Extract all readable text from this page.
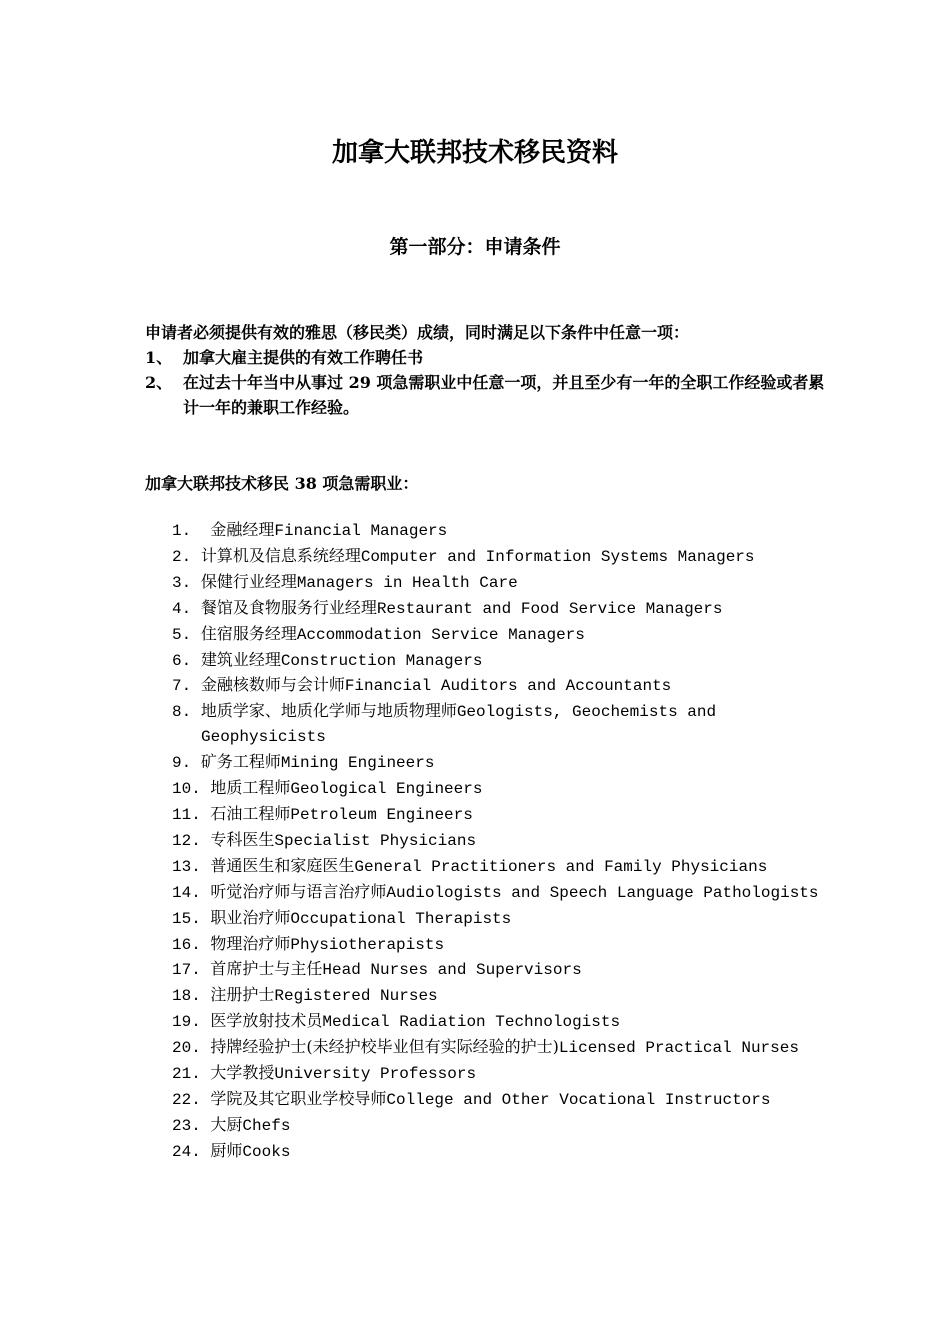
加拿大联邦技术移民资料
第一部分：申请条件
申请者必须提供有效的雅思（移民类）成绩，同时满足以下条件中任意一项：
1、 加拿大雇主提供的有效工作聘任书
2、 在过去十年当中从事过 29 项急需职业中任意一项，并且至少有一年的全职工作经验或者累计一年的兼职工作经验。
加拿大联邦技术移民 38 项急需职业：
1.  金融经理Financial Managers
2. 计算机及信息系统经理Computer and Information Systems Managers
3. 保健行业经理Managers in Health Care
4. 餐馆及食物服务行业经理Restaurant and Food Service Managers
5. 住宿服务经理Accommodation Service Managers
6. 建筑业经理Construction Managers
7. 金融核数师与会计师Financial Auditors and Accountants
8. 地质学家、地质化学师与地质物理师Geologists, Geochemists and Geophysicists
9. 矿务工程师Mining Engineers
10. 地质工程师Geological Engineers
11. 石油工程师Petroleum Engineers
12. 专科医生Specialist Physicians
13. 普通医生和家庭医生General Practitioners and Family Physicians
14. 听觉治疗师与语言治疗师Audiologists and Speech Language Pathologists
15. 职业治疗师Occupational Therapists
16. 物理治疗师Physiotherapists
17. 首席护士与主任Head Nurses and Supervisors
18. 注册护士Registered Nurses
19. 医学放射技术员Medical Radiation Technologists
20. 持牌经验护士(未经护校毕业但有实际经验的护士)Licensed Practical Nurses
21. 大学教授University Professors
22. 学院及其它职业学校导师College and Other Vocational Instructors
23. 大厨Chefs
24. 厨师Cooks
